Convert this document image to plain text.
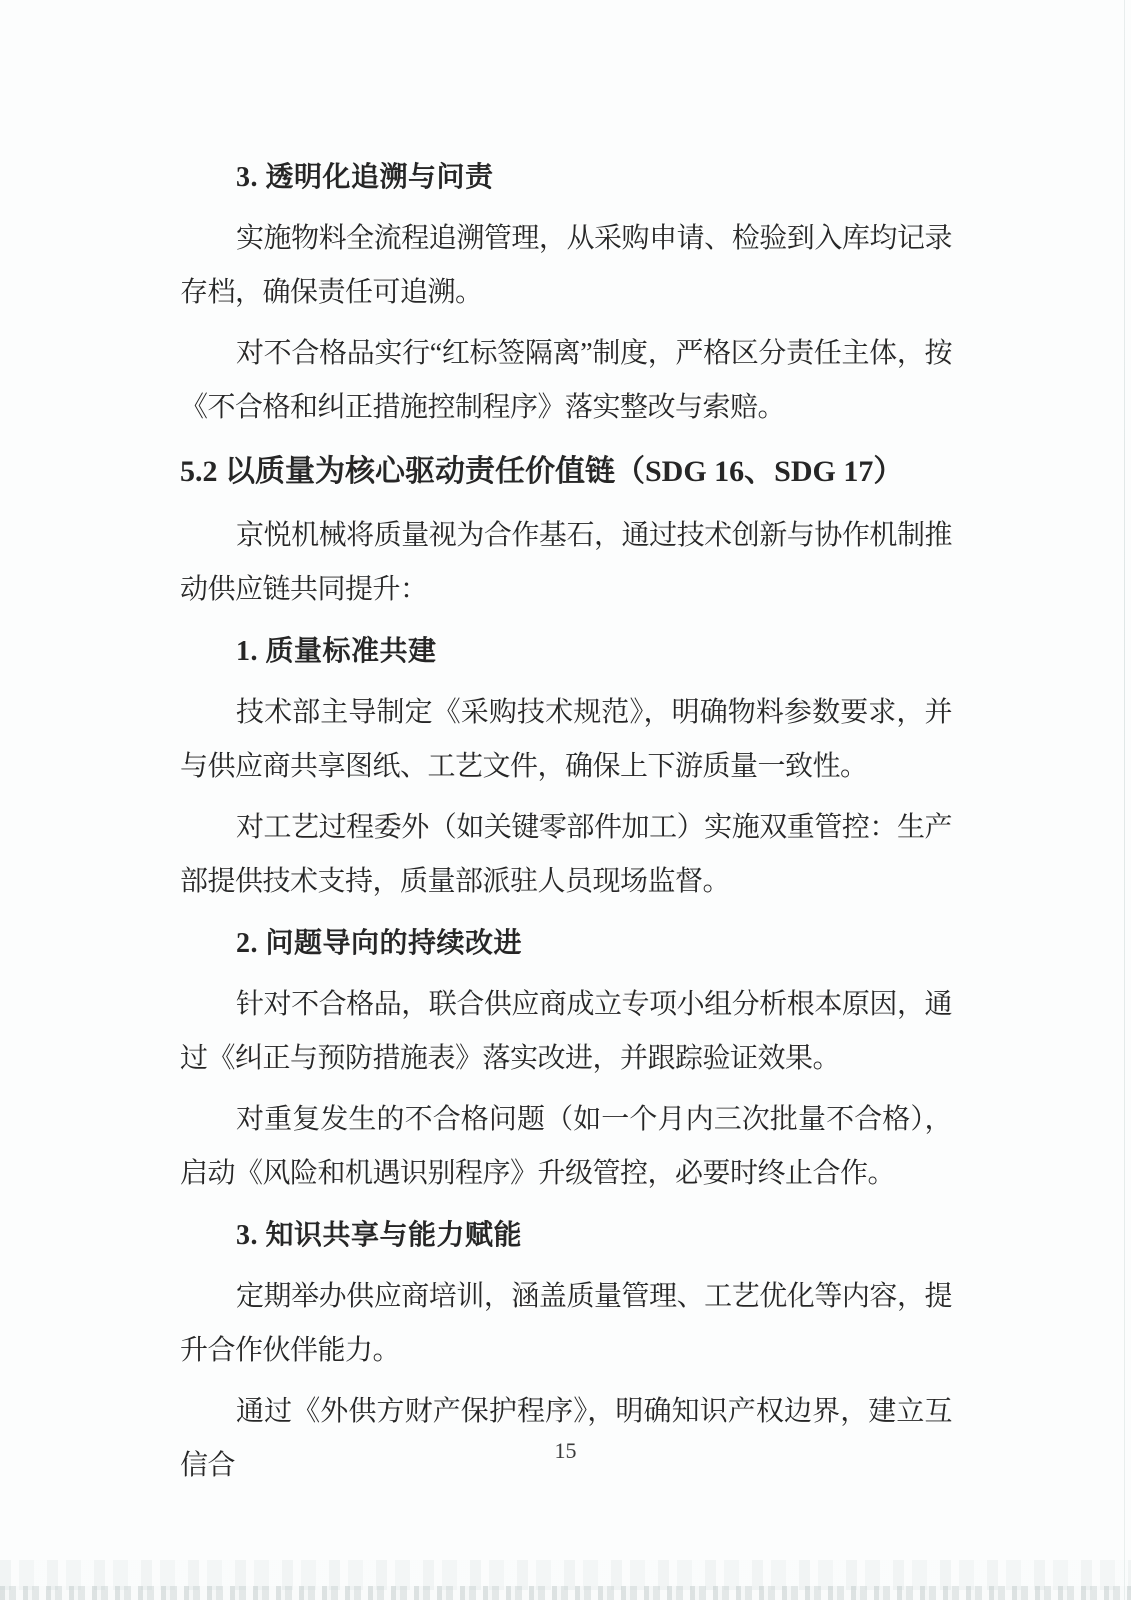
3. 透明化追溯与问责

实施物料全流程追溯管理，从采购申请、检验到入库均记录存档，确保责任可追溯。

对不合格品实行“红标签隔离”制度，严格区分责任主体，按《不合格和纠正措施控制程序》落实整改与索赔。

5.2 以质量为核心驱动责任价值链（SDG 16、SDG 17）

京悦机械将质量视为合作基石，通过技术创新与协作机制推动供应链共同提升：

1. 质量标准共建

技术部主导制定《采购技术规范》，明确物料参数要求，并与供应商共享图纸、工艺文件，确保上下游质量一致性。

对工艺过程委外（如关键零部件加工）实施双重管控：生产部提供技术支持，质量部派驻人员现场监督。

2. 问题导向的持续改进

针对不合格品，联合供应商成立专项小组分析根本原因，通过《纠正与预防措施表》落实改进，并跟踪验证效果。

对重复发生的不合格问题（如一个月内三次批量不合格），启动《风险和机遇识别程序》升级管控，必要时终止合作。

3. 知识共享与能力赋能

定期举办供应商培训，涵盖质量管理、工艺优化等内容，提升合作伙伴能力。

通过《外供方财产保护程序》，明确知识产权边界，建立互信合	15
